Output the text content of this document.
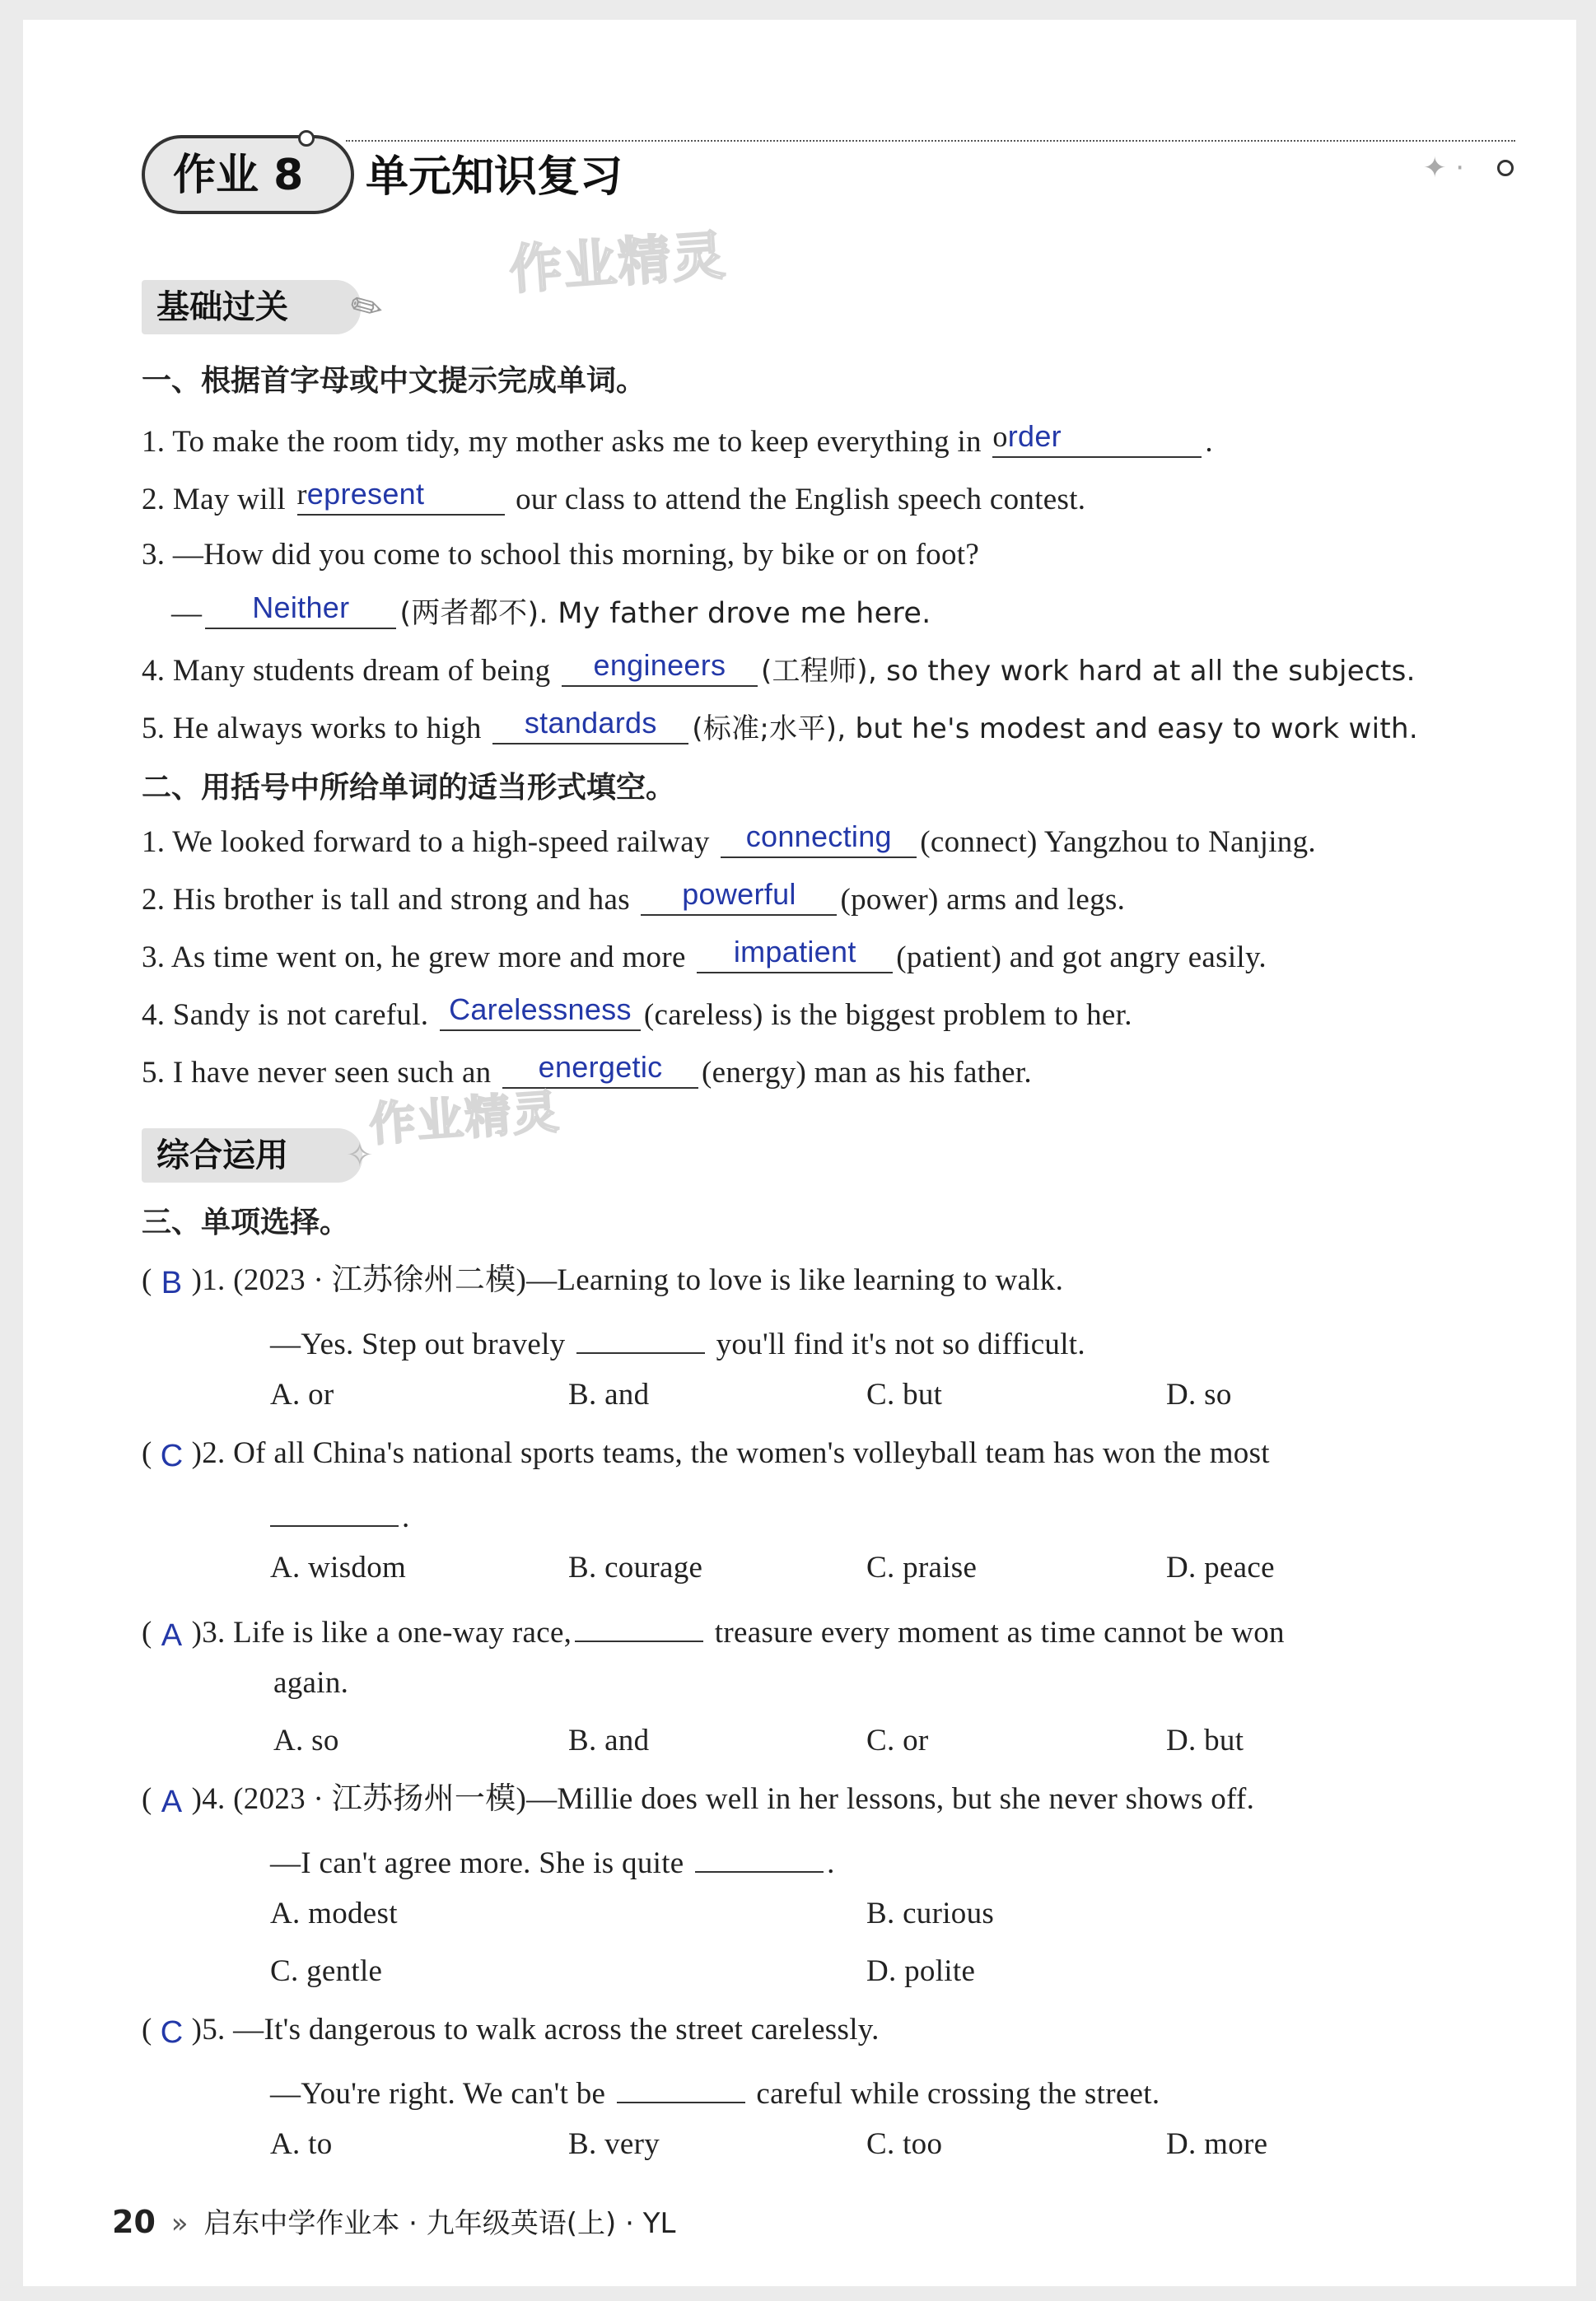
作业 8	✦ ·
单元知识复习
作业精灵
基础过关	✎
一、根据首字母或中文提示完成单词。
1. To make the room tidy, my mother asks me to keep everything in order	.
2. May will represent	our class to attend the English speech contest.
3. —How did you come to school this morning, by bike or on foot?
— Neither (两者都不). My father drove me here.
4. Many students dream of being engineers (工程师), so they work hard at all the subjects.
5. He always works to high standards (标准;水平), but he's modest and easy to work with.
二、用括号中所给单词的适当形式填空。
1. We looked forward to a high-speed railway connecting (connect) Yangzhou to Nanjing.
2. His brother is tall and strong and has powerful (power) arms and legs.
3. As time went on, he grew more and more impatient (patient) and got angry easily.
4. Sandy is not careful. Carelessness (careless) is the biggest problem to her.
5. I have never seen such an energetic (energy) man as his father.
综合运用	✧
作业精灵
三、单项选择。
( B )1. (2023 · 江苏徐州二模)—Learning to love is like learning to walk.
—Yes. Step out bravely	you'll find it's not so difficult.
A. or	B. and	C. but	D. so
( C )2. Of all China's national sports teams, the women's volleyball team has won the most
.
A. wisdom	B. courage	C. praise	D. peace
( A )3. Life is like a one-way race,	treasure every moment as time cannot be won
again.
A. so	B. and	C. or	D. but
( A )4. (2023 · 江苏扬州一模)—Millie does well in her lessons, but she never shows off.
—I can't agree more. She is quite	.
A. modest	B. curious
C. gentle	D. polite
( C )5. —It's dangerous to walk across the street carelessly.
—You're right. We can't be	careful while crossing the street.
A. to	B. very	C. too	D. more
20 » 启东中学作业本 · 九年级英语(上) · YL
